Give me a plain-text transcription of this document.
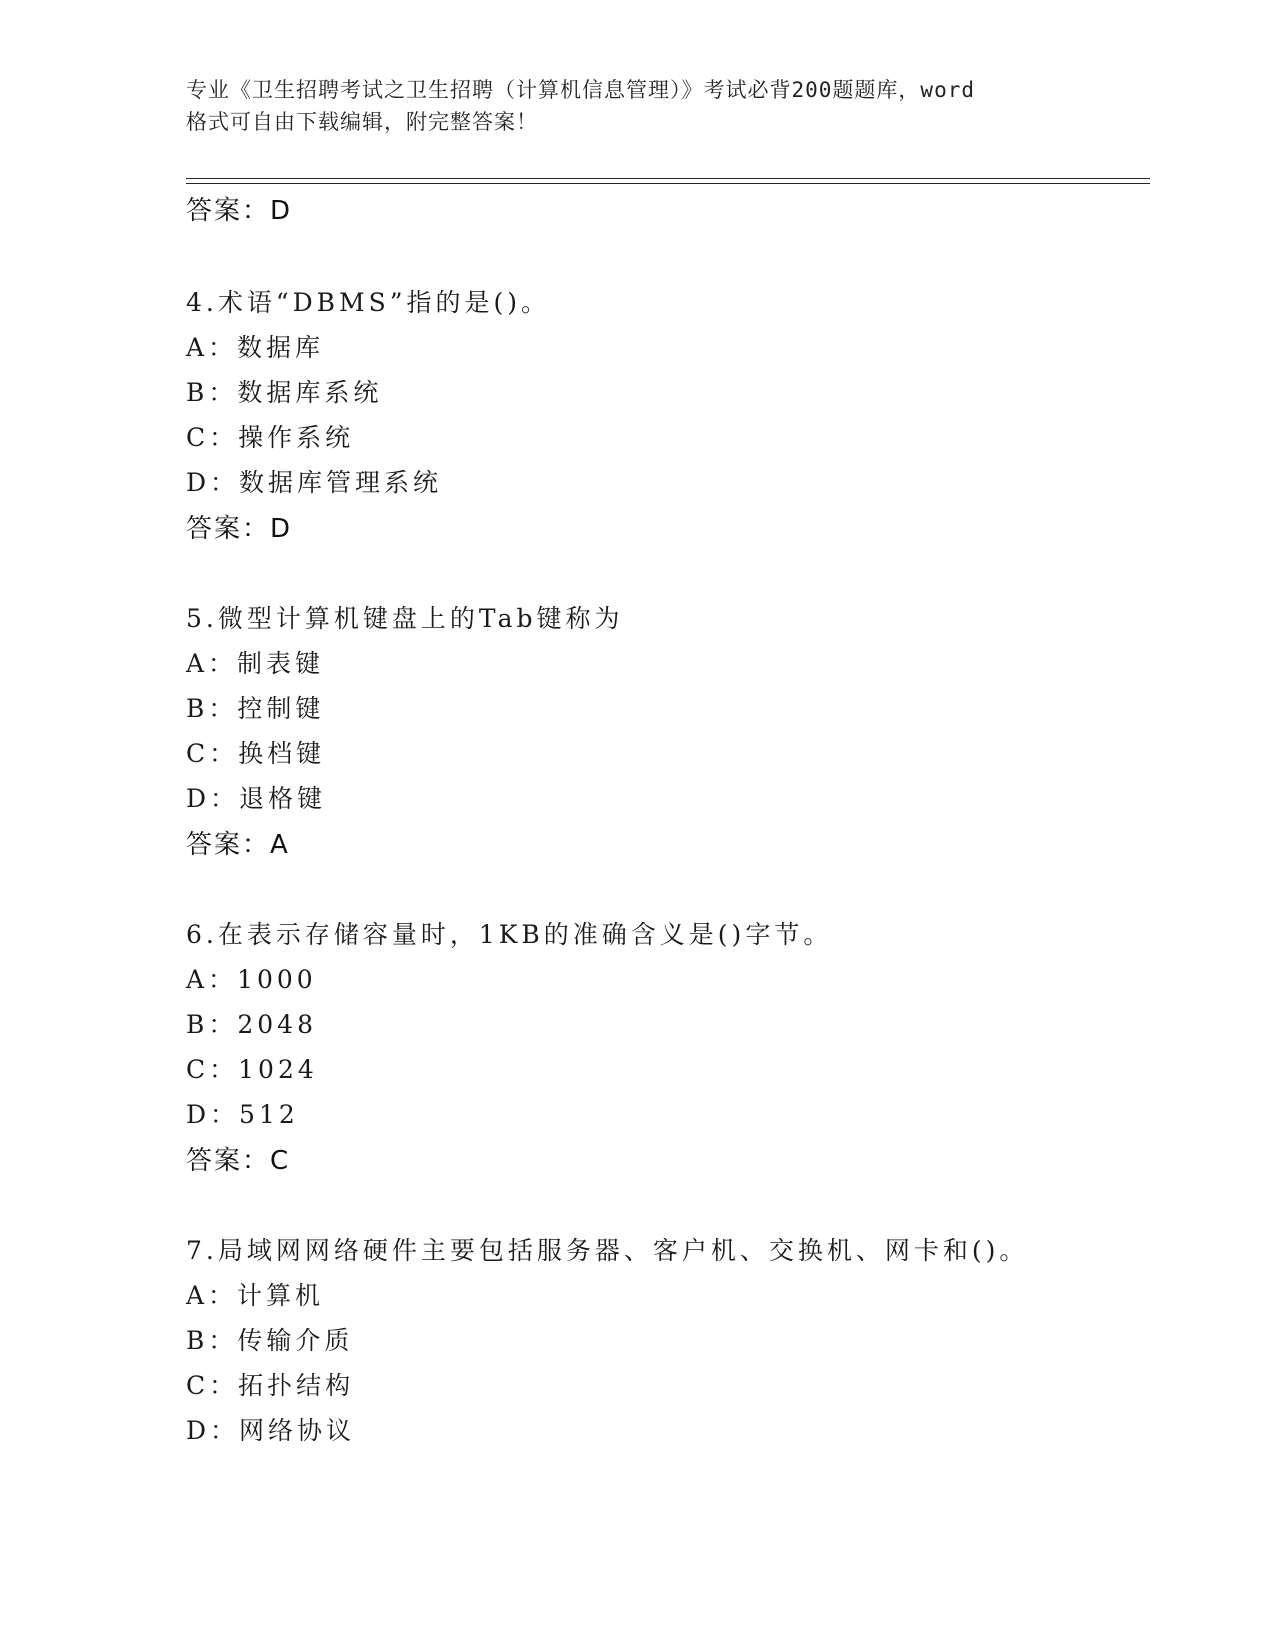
专业《卫生招聘考试之卫生招聘（计算机信息管理）》考试必背200题题库，word
格式可自由下载编辑，附完整答案！
答案：D
4.术语“DBMS”指的是()。
A：数据库
B：数据库系统
C：操作系统
D：数据库管理系统
答案：D
5.微型计算机键盘上的Tab键称为
A：制表键
B：控制键
C：换档键
D：退格键
答案：A
6.在表示存储容量时，1KB的准确含义是()字节。
A：1000
B：2048
C：1024
D：512
答案：C
7.局域网网络硬件主要包括服务器、客户机、交换机、网卡和()。
A：计算机
B：传输介质
C：拓扑结构
D：网络协议
